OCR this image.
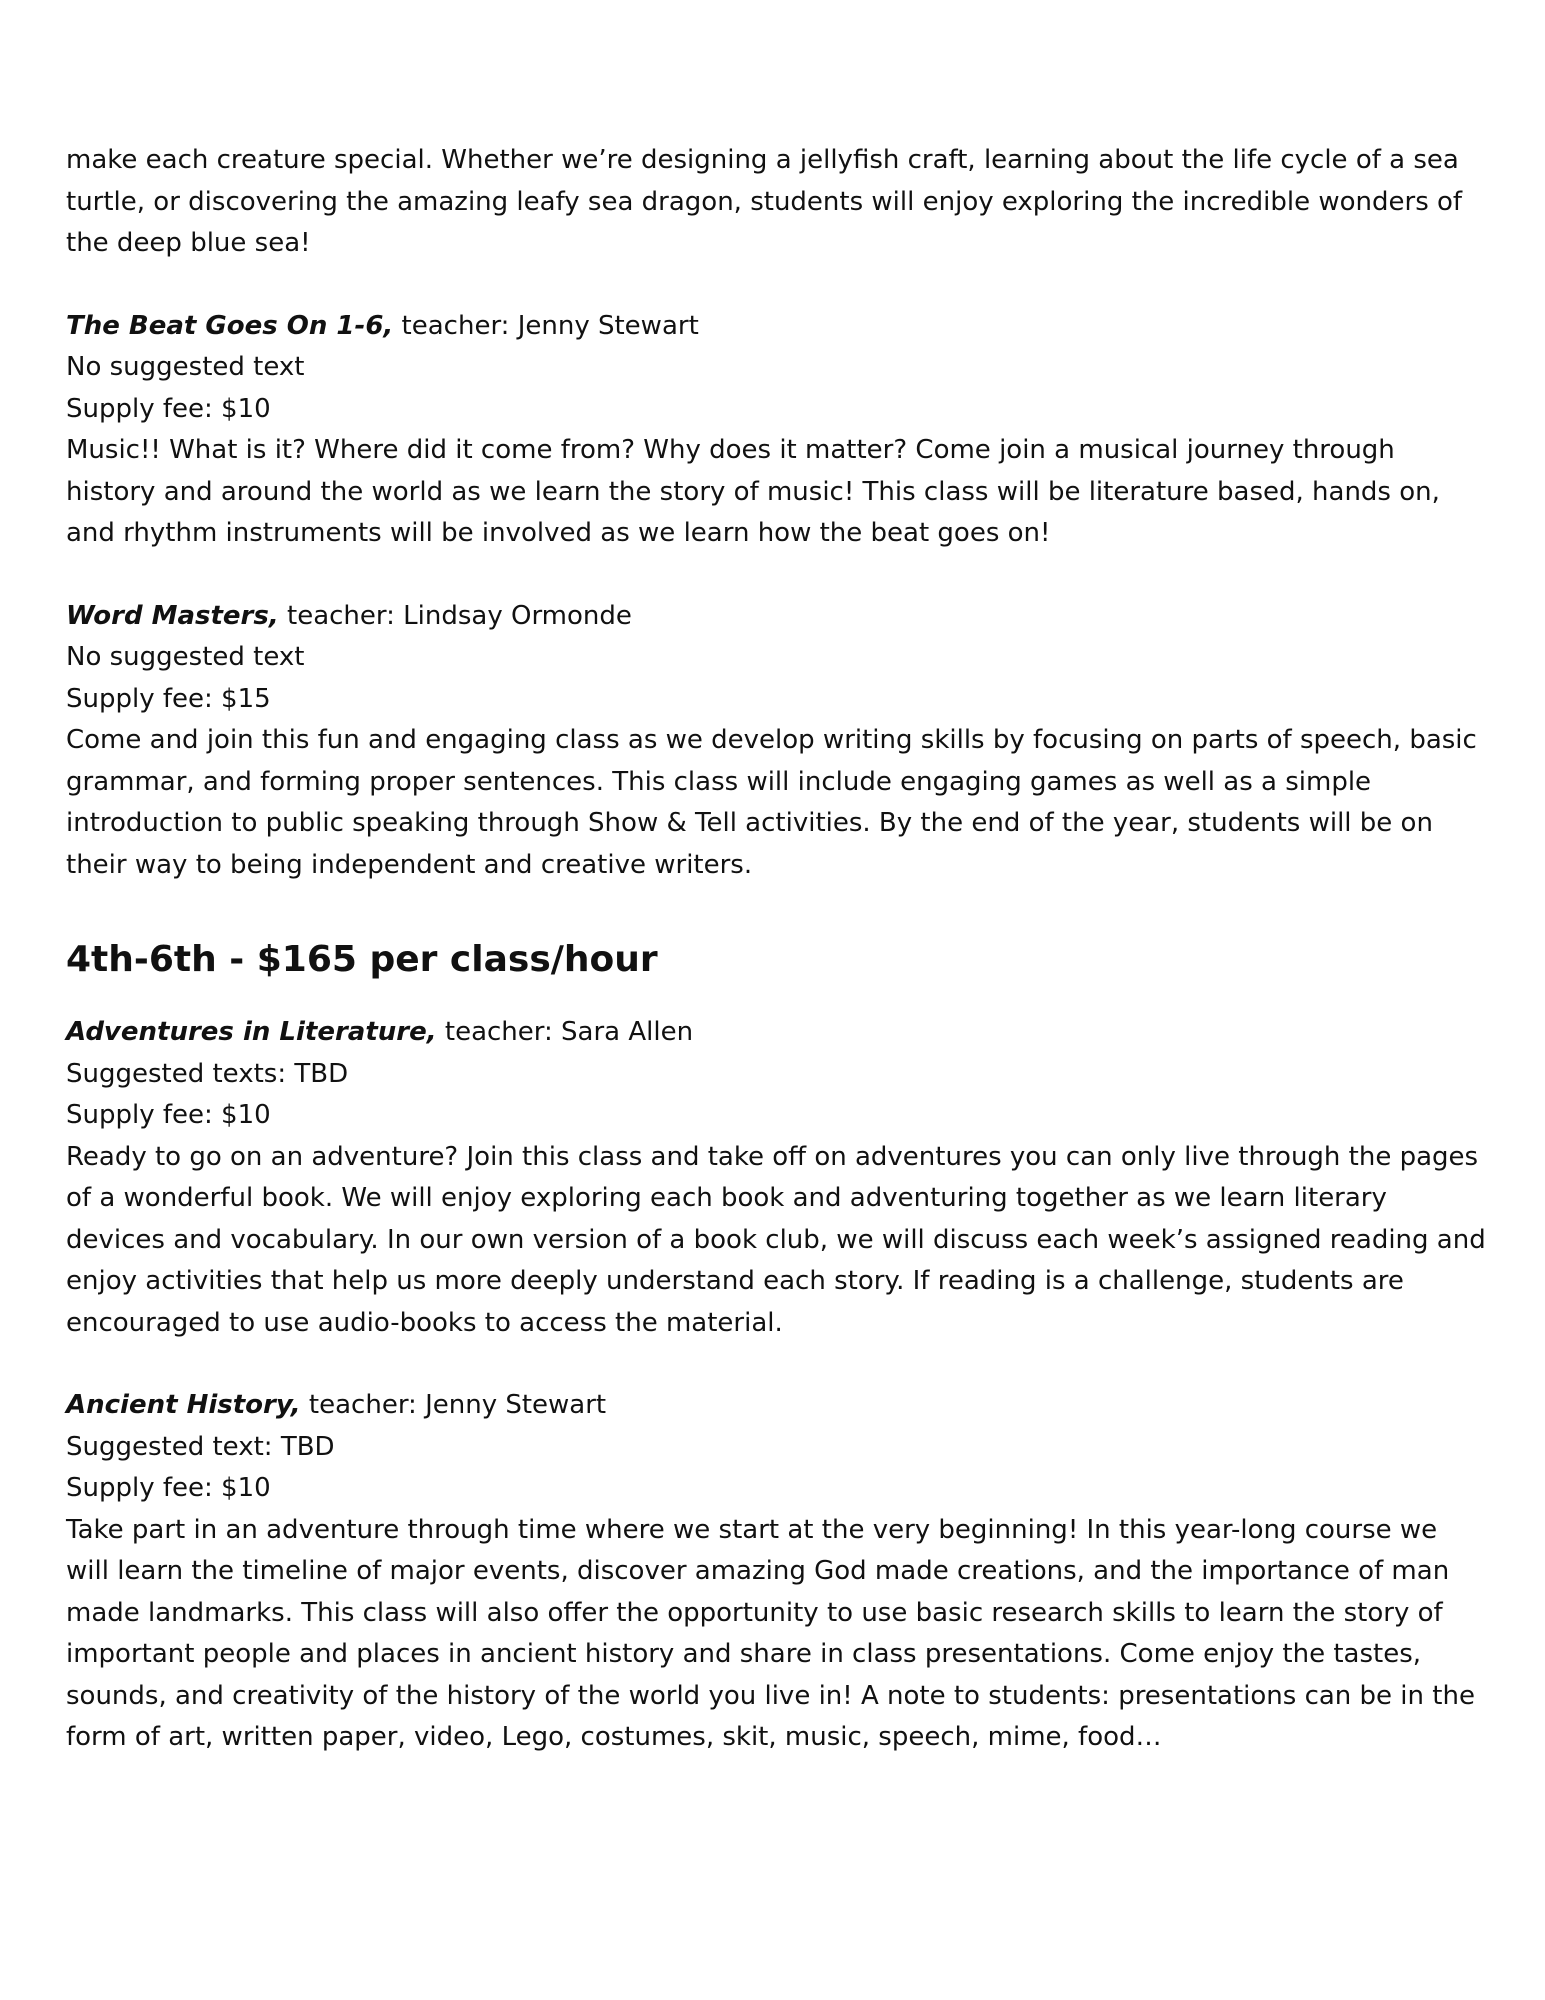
make each creature special. Whether we’re designing a jellyfish craft, learning about the life cycle of a sea turtle, or discovering the amazing leafy sea dragon, students will enjoy exploring the incredible wonders of the deep blue sea!

The Beat Goes On 1-6, teacher: Jenny Stewart

No suggested text

Supply fee: $10

Music!! What is it? Where did it come from? Why does it matter? Come join a musical journey through history and around the world as we learn the story of music! This class will be literature based, hands on, and rhythm instruments will be involved as we learn how the beat goes on!

Word Masters, teacher: Lindsay Ormonde

No suggested text

Supply fee: $15

Come and join this fun and engaging class as we develop writing skills by focusing on parts of speech, basic grammar, and forming proper sentences. This class will include engaging games as well as a simple introduction to public speaking through Show & Tell activities. By the end of the year, students will be on their way to being independent and creative writers.

4th-6th - $165 per class/hour

Adventures in Literature, teacher: Sara Allen

Suggested texts: TBD

Supply fee: $10

Ready to go on an adventure? Join this class and take off on adventures you can only live through the pages of a wonderful book. We will enjoy exploring each book and adventuring together as we learn literary devices and vocabulary. In our own version of a book club, we will discuss each week’s assigned reading and enjoy activities that help us more deeply understand each story. If reading is a challenge, students are encouraged to use audio-books to access the material.

Ancient History, teacher: Jenny Stewart

Suggested text: TBD

Supply fee: $10

Take part in an adventure through time where we start at the very beginning! In this year-long course we will learn the timeline of major events, discover amazing God made creations, and the importance of man made landmarks. This class will also offer the opportunity to use basic research skills to learn the story of important people and places in ancient history and share in class presentations. Come enjoy the tastes, sounds, and creativity of the history of the world you live in! A note to students: presentations can be in the form of art, written paper, video, Lego, costumes, skit, music, speech, mime, food…
